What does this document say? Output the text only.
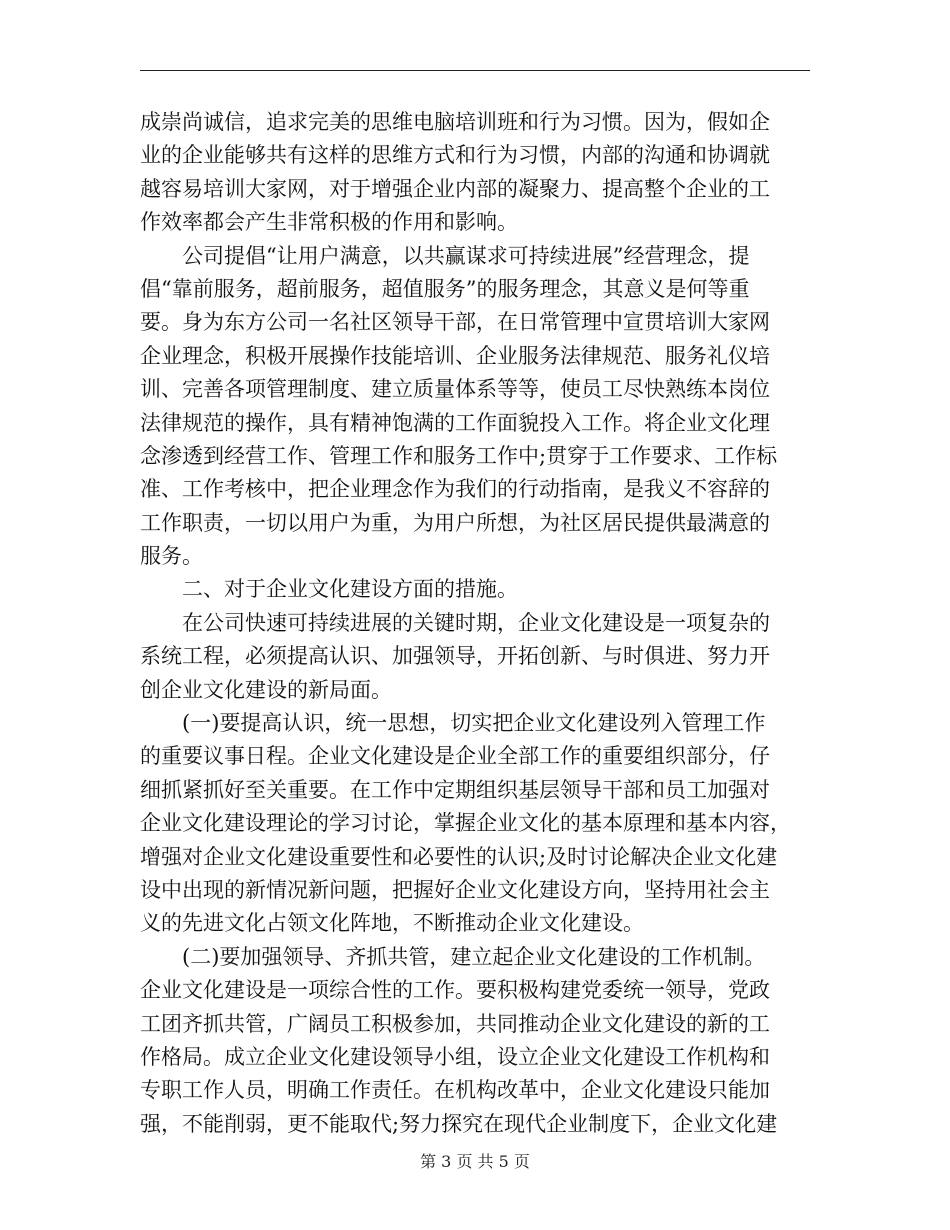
成崇尚诚信，追求完美的思维电脑培训班和行为习惯。因为，假如企
业的企业能够共有这样的思维方式和行为习惯，内部的沟通和协调就
越容易培训大家网，对于增强企业内部的凝聚力、提高整个企业的工
作效率都会产生非常积极的作用和影响。
公司提倡“让用户满意，以共赢谋求可持续进展”经营理念，提
倡“靠前服务，超前服务，超值服务”的服务理念，其意义是何等重
要。身为东方公司一名社区领导干部，在日常管理中宣贯培训大家网
企业理念，积极开展操作技能培训、企业服务法律规范、服务礼仪培
训、完善各项管理制度、建立质量体系等等，使员工尽快熟练本岗位
法律规范的操作，具有精神饱满的工作面貌投入工作。将企业文化理
念渗透到经营工作、管理工作和服务工作中;贯穿于工作要求、工作标
准、工作考核中，把企业理念作为我们的行动指南，是我义不容辞的
工作职责，一切以用户为重，为用户所想，为社区居民提供最满意的
服务。
二、对于企业文化建设方面的措施。
在公司快速可持续进展的关键时期，企业文化建设是一项复杂的
系统工程，必须提高认识、加强领导，开拓创新、与时俱进、努力开
创企业文化建设的新局面。
(一)要提高认识，统一思想，切实把企业文化建设列入管理工作
的重要议事日程。企业文化建设是企业全部工作的重要组织部分，仔
细抓紧抓好至关重要。在工作中定期组织基层领导干部和员工加强对
企业文化建设理论的学习讨论，掌握企业文化的基本原理和基本内容，
增强对企业文化建设重要性和必要性的认识;及时讨论解决企业文化建
设中出现的新情况新问题，把握好企业文化建设方向，坚持用社会主
义的先进文化占领文化阵地，不断推动企业文化建设。
(二)要加强领导、齐抓共管，建立起企业文化建设的工作机制。
企业文化建设是一项综合性的工作。要积极构建党委统一领导，党政
工团齐抓共管，广阔员工积极参加，共同推动企业文化建设的新的工
作格局。成立企业文化建设领导小组，设立企业文化建设工作机构和
专职工作人员，明确工作责任。在机构改革中，企业文化建设只能加
强，不能削弱，更不能取代;努力探究在现代企业制度下，企业文化建
第 3 页 共 5 页
